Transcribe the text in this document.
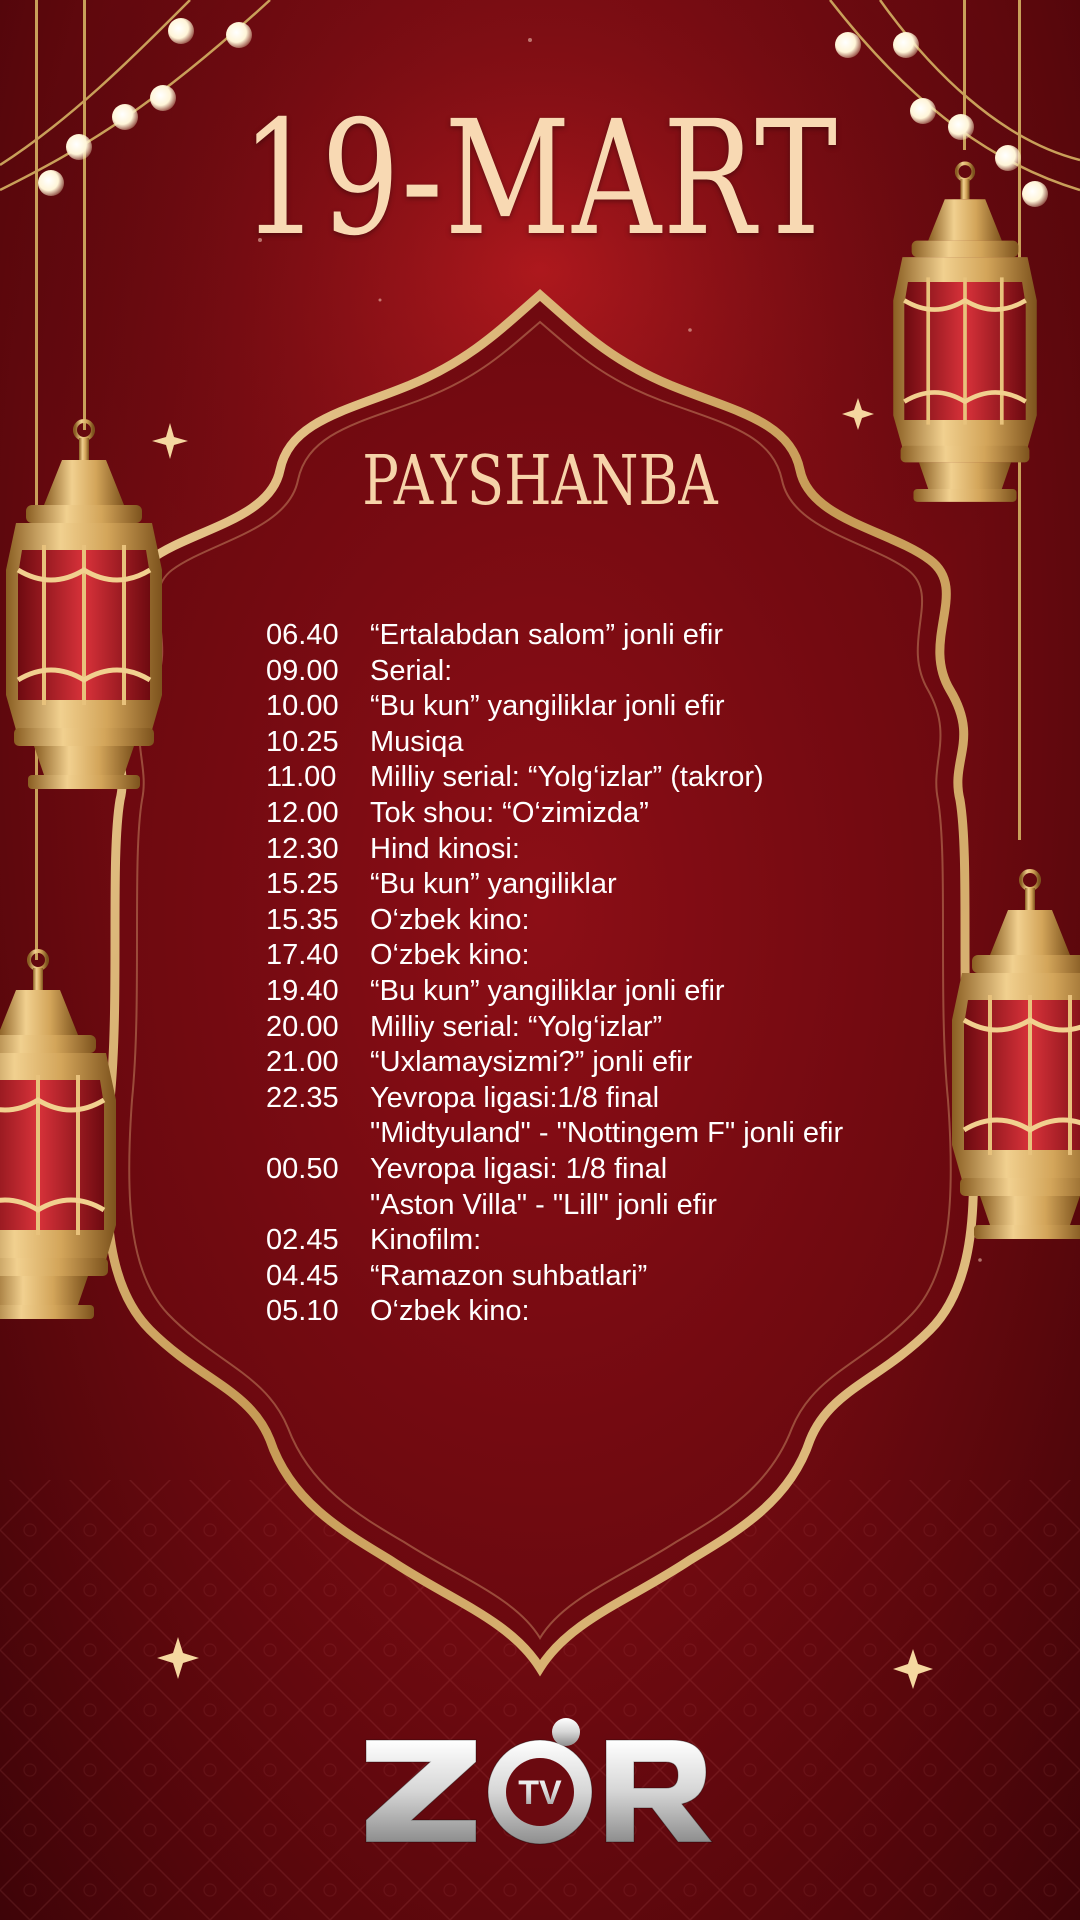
19-MART
PAYSHANBA
06.40	“Ertalabdan salom” jonli efir
09.00	Serial:
10.00	“Bu kun” yangiliklar jonli efir
10.25	Musiqa
11.00	Milliy serial: “Yolg‘izlar” (takror)
12.00	Tok shou: “O‘zimizda”
12.30	Hind kinosi:
15.25	“Bu kun” yangiliklar
15.35	O‘zbek kino:
17.40	O‘zbek kino:
19.40	“Bu kun” yangiliklar jonli efir
20.00	Milliy serial: “Yolg‘izlar”
21.00	“Uxlamaysizmi?” jonli efir
22.35	Yevropa ligasi:1/8 final
"Midtyuland" - "Nottingem F" jonli efir
00.50	Yevropa ligasi: 1/8 final
"Aston Villa" - "Lill" jonli efir
02.45	Kinofilm:
04.45	“Ramazon suhbatlari”
05.10	O‘zbek kino:
TV
